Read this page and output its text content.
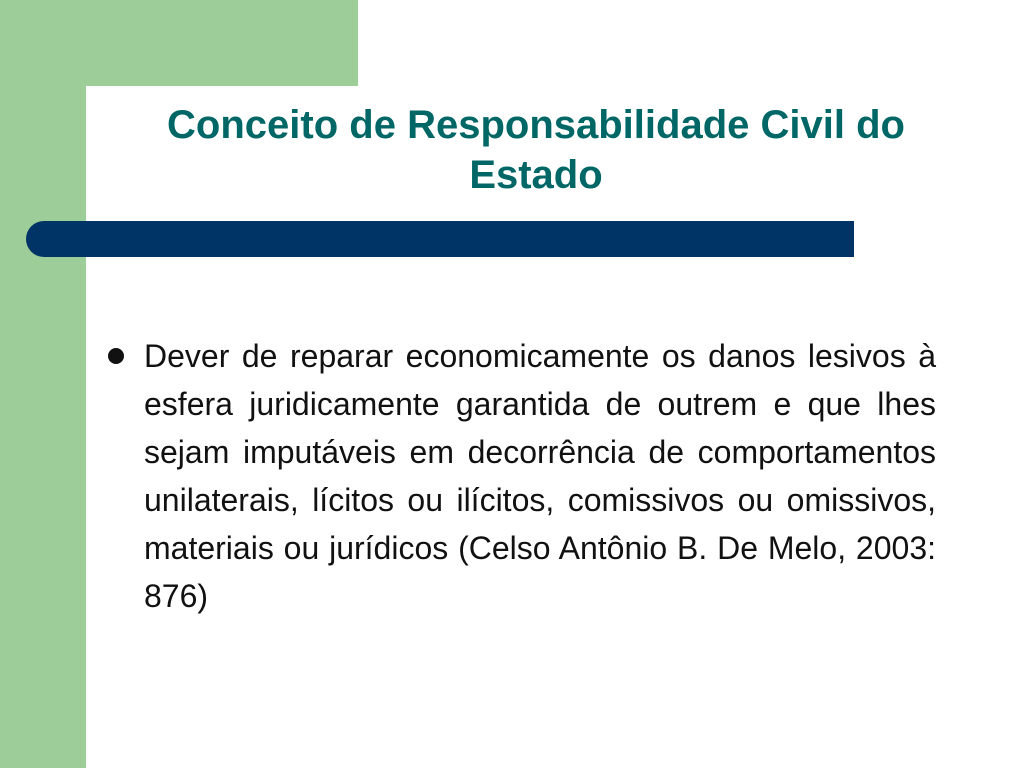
Conceito de Responsabilidade Civil do Estado
Dever de reparar economicamente os danos lesivos à esfera juridicamente garantida de outrem e que lhes sejam imputáveis em decorrência de comportamentos unilaterais, lícitos ou ilícitos, comissivos ou omissivos, materiais ou jurídicos (Celso Antônio B. De Melo, 2003: 876)
